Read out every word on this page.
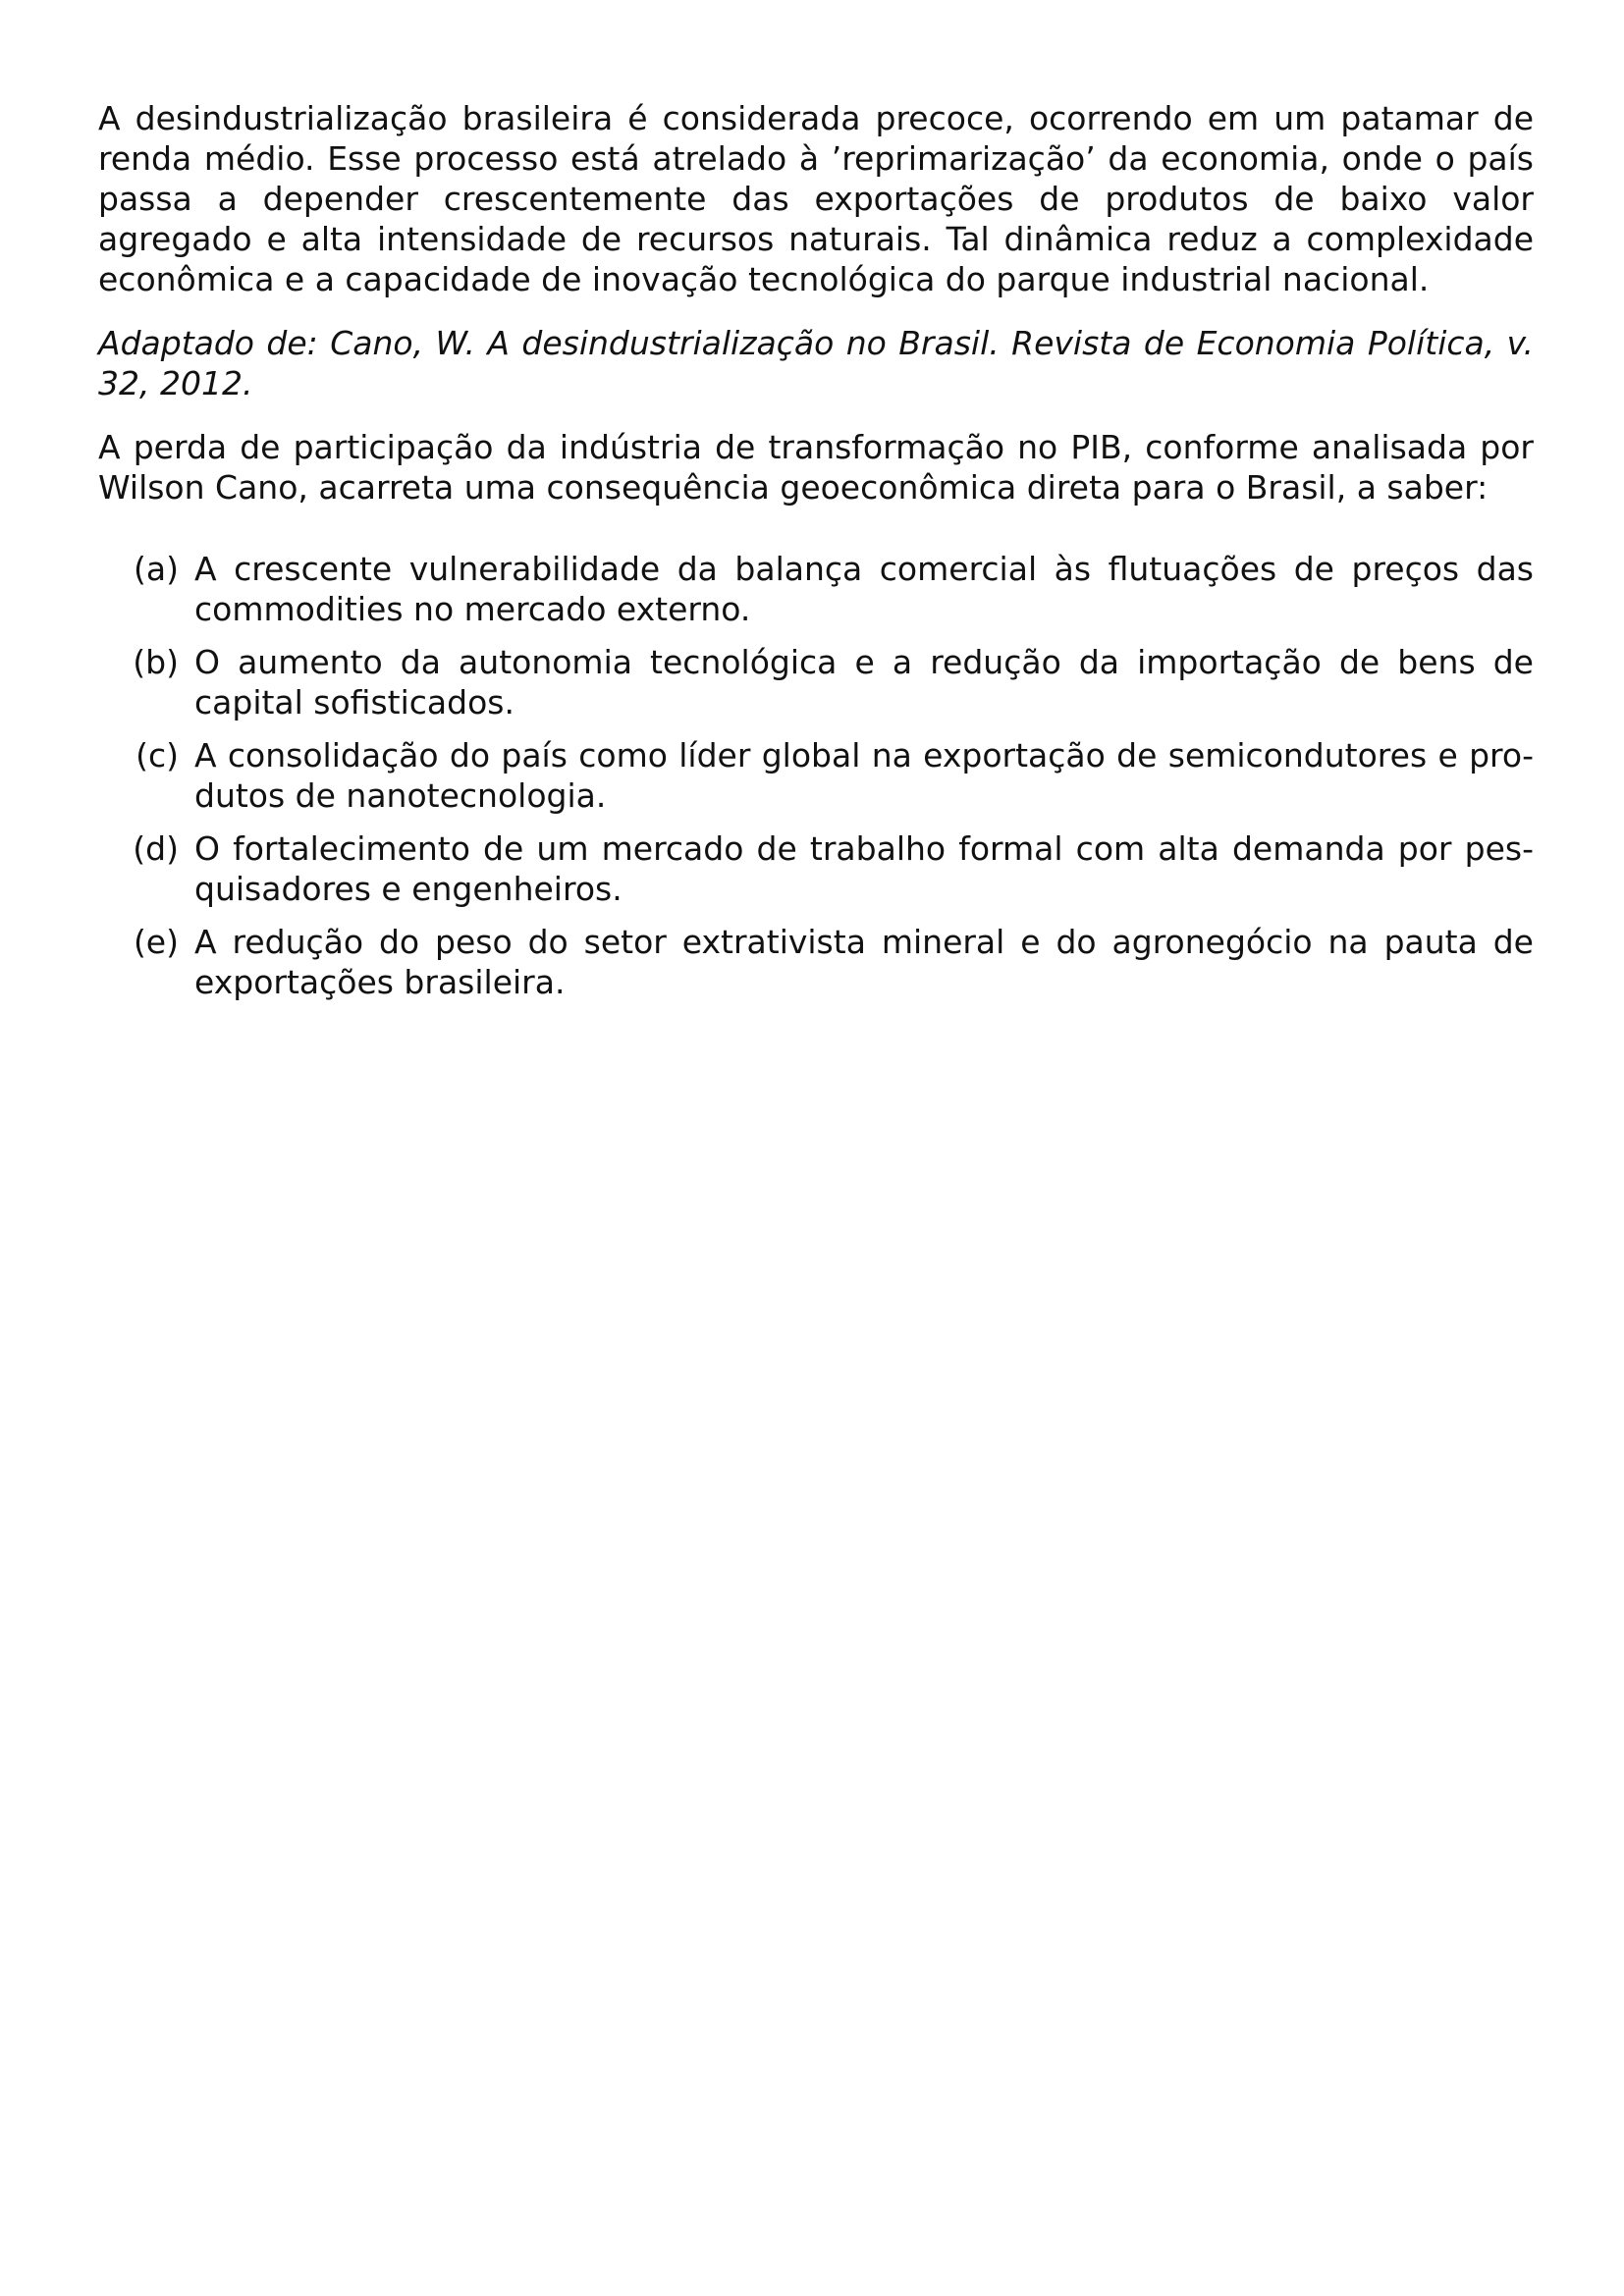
A desindustrialização brasileira é considerada precoce, ocorrendo em um patamar de renda médio. Esse processo está atrelado à ’reprimarização’ da economia, onde o país passa a depender crescentemente das exportações de produtos de baixo valor agregado e alta intensidade de recursos naturais. Tal dinâmica reduz a complexidade econômica e a capacidade de inovação tecnológica do parque industrial nacional.

Adaptado de: Cano, W. A desindustrialização no Brasil. Revista de Economia Política, v. 32, 2012.

A perda de participação da indústria de transformação no PIB, conforme analisada por Wilson Cano, acarreta uma consequência geoeconômica direta para o Brasil, a saber:

(a) A crescente vulnerabilidade da balança comercial às flutuações de preços das commodities no mercado externo.
(b) O aumento da autonomia tecnológica e a redução da importação de bens de capital sofisticados.
(c) A consolidação do país como líder global na exportação de semicondutores e produtos de nanotecnologia.
(d) O fortalecimento de um mercado de trabalho formal com alta demanda por pesquisadores e engenheiros.
(e) A redução do peso do setor extrativista mineral e do agronegócio na pauta de exportações brasileira.
